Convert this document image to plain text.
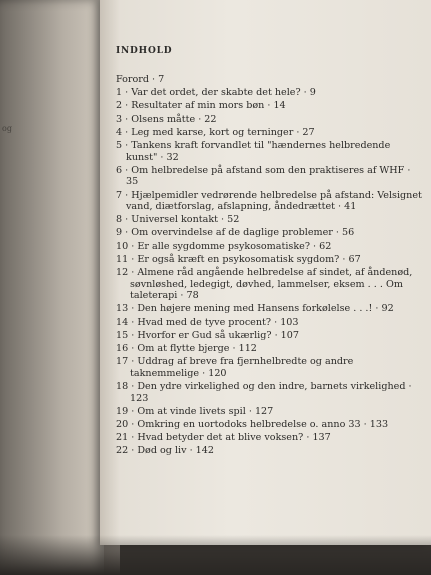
og
INDHOLD
Forord · 7
1 · Var det ordet, der skabte det hele? · 9
2 · Resultater af min mors bøn · 14
3 · Olsens måtte · 22
4 · Leg med karse, kort og terninger · 27
5 · Tankens kraft forvandlet til "hændernes helbredende kunst" · 32
6 · Om helbredelse på afstand som den praktiseres af WHF · 35
7 · Hjælpemidler vedrørende helbredelse på afstand: Velsignet vand, diætforslag, afslapning, åndedrættet · 41
8 · Universel kontakt · 52
9 · Om overvindelse af de daglige problemer · 56
10 · Er alle sygdomme psykosomatiske? · 62
11 · Er også kræft en psykosomatisk sygdom? · 67
12 · Almene råd angående helbredelse af sindet, af åndenød, søvnløshed, ledegigt, døvhed, lammelser, eksem . . . Om taleterapi · 78
13 · Den højere mening med Hansens forkølelse . . .! · 92
14 · Hvad med de tyve procent? · 103
15 · Hvorfor er Gud så ukærlig? · 107
16 · Om at flytte bjerge · 112
17 · Uddrag af breve fra fjernhelbredte og andre taknemmelige · 120
18 · Den ydre virkelighed og den indre, barnets virkelighed · 123
19 · Om at vinde livets spil · 127
20 · Omkring en uortodoks helbredelse o. anno 33 · 133
21 · Hvad betyder det at blive voksen? · 137
22 · Død og liv · 142
